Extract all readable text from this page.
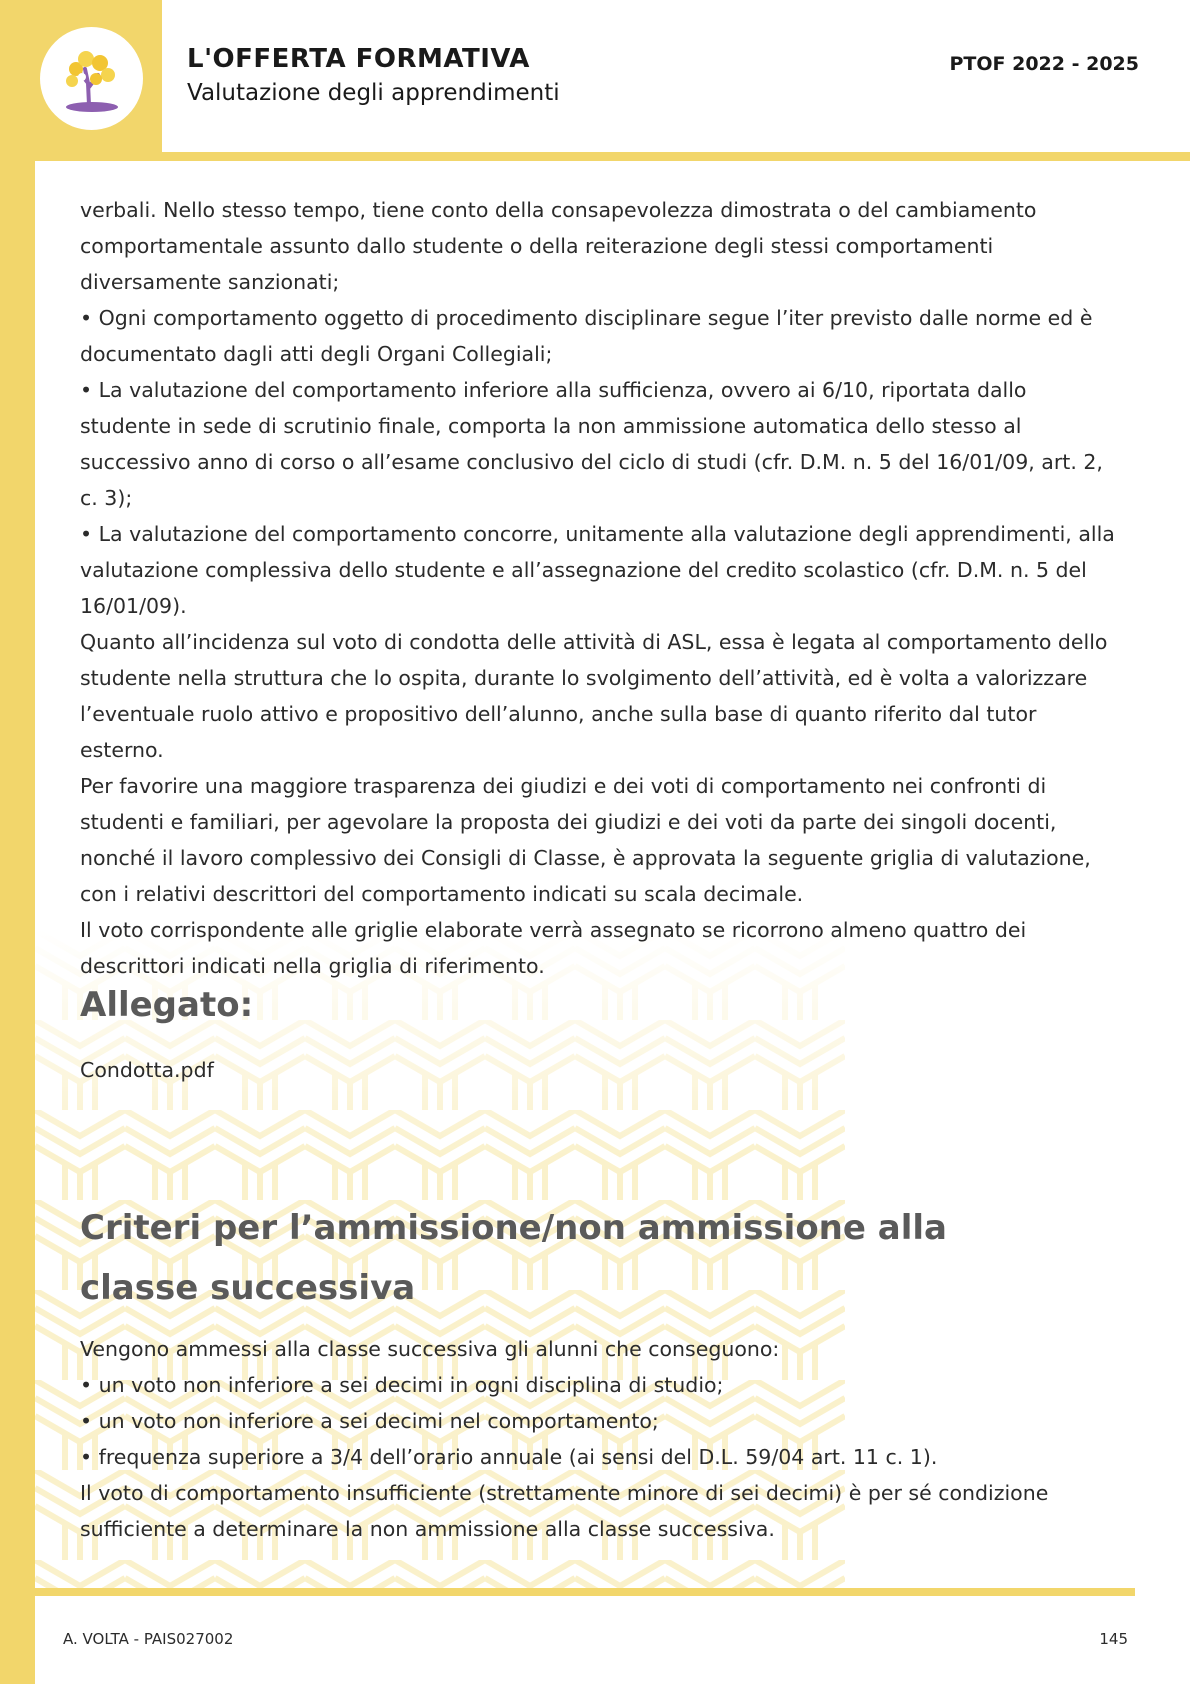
L'OFFERTA FORMATIVA
Valutazione degli apprendimenti
PTOF 2022 - 2025

verbali. Nello stesso tempo, tiene conto della consapevolezza dimostrata o del cambiamento comportamentale assunto dallo studente o della reiterazione degli stessi comportamenti diversamente sanzionati;

• Ogni comportamento oggetto di procedimento disciplinare segue l’iter previsto dalle norme ed è documentato dagli atti degli Organi Collegiali;

• La valutazione del comportamento inferiore alla sufficienza, ovvero ai 6/10, riportata dallo studente in sede di scrutinio finale, comporta la non ammissione automatica dello stesso al successivo anno di corso o all’esame conclusivo del ciclo di studi (cfr. D.M. n. 5 del 16/01/09, art. 2, c. 3);

• La valutazione del comportamento concorre, unitamente alla valutazione degli apprendimenti, alla valutazione complessiva dello studente e all’assegnazione del credito scolastico (cfr. D.M. n. 5 del 16/01/09).

Quanto all’incidenza sul voto di condotta delle attività di ASL, essa è legata al comportamento dello studente nella struttura che lo ospita, durante lo svolgimento dell’attività, ed è volta a valorizzare l’eventuale ruolo attivo e propositivo dell’alunno, anche sulla base di quanto riferito dal tutor esterno.

Per favorire una maggiore trasparenza dei giudizi e dei voti di comportamento nei confronti di studenti e familiari, per agevolare la proposta dei giudizi e dei voti da parte dei singoli docenti, nonché il lavoro complessivo dei Consigli di Classe, è approvata la seguente griglia di valutazione, con i relativi descrittori del comportamento indicati su scala decimale.

Il voto corrispondente alle griglie elaborate verrà assegnato se ricorrono almeno quattro dei descrittori indicati nella griglia di riferimento.

Allegato:
Condotta.pdf
Criteri per l’ammissione/non ammissione alla classe successiva

Vengono ammessi alla classe successiva gli alunni che conseguono:

• un voto non inferiore a sei decimi in ogni disciplina di studio;

• un voto non inferiore a sei decimi nel comportamento;

• frequenza superiore a 3/4 dell’orario annuale (ai sensi del D.L. 59/04 art. 11 c. 1).

Il voto di comportamento insufficiente (strettamente minore di sei decimi) è per sé condizione sufficiente a determinare la non ammissione alla classe successiva.

A. VOLTA - PAIS027002	145
